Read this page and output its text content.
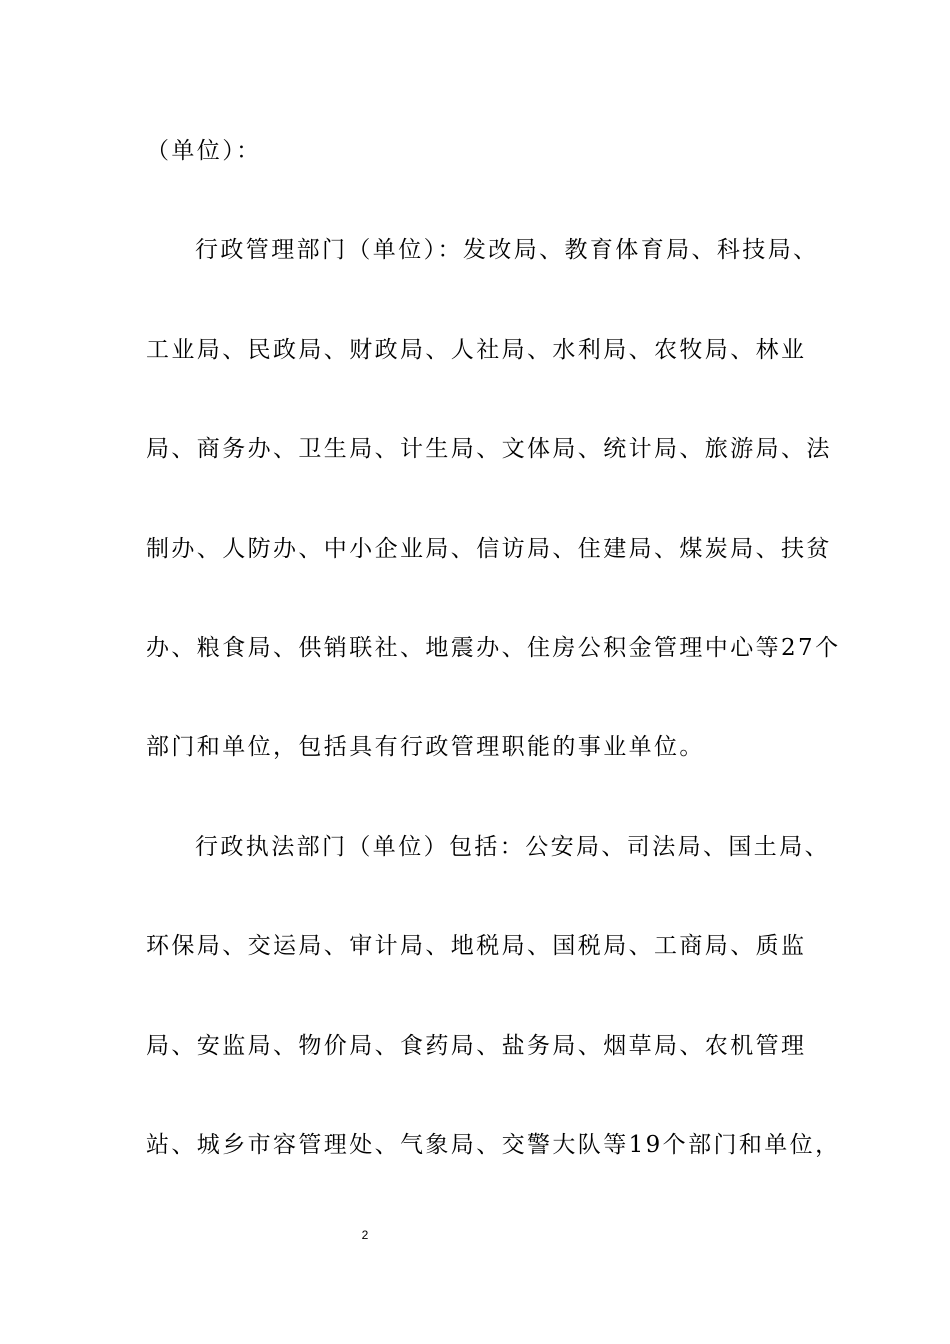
（单位）：
行政管理部门（单位）：发改局、教育体育局、科技局、
工业局、民政局、财政局、人社局、水利局、农牧局、林业
局、商务办、卫生局、计生局、文体局、统计局、旅游局、法
制办、人防办、中小企业局、信访局、住建局、煤炭局、扶贫
办、粮食局、供销联社、地震办、住房公积金管理中心等27个
部门和单位，包括具有行政管理职能的事业单位。
行政执法部门（单位）包括：公安局、司法局、国土局、
环保局、交运局、审计局、地税局、国税局、工商局、质监
局、安监局、物价局、食药局、盐务局、烟草局、农机管理
站、城乡市容管理处、气象局、交警大队等19个部门和单位，
2
